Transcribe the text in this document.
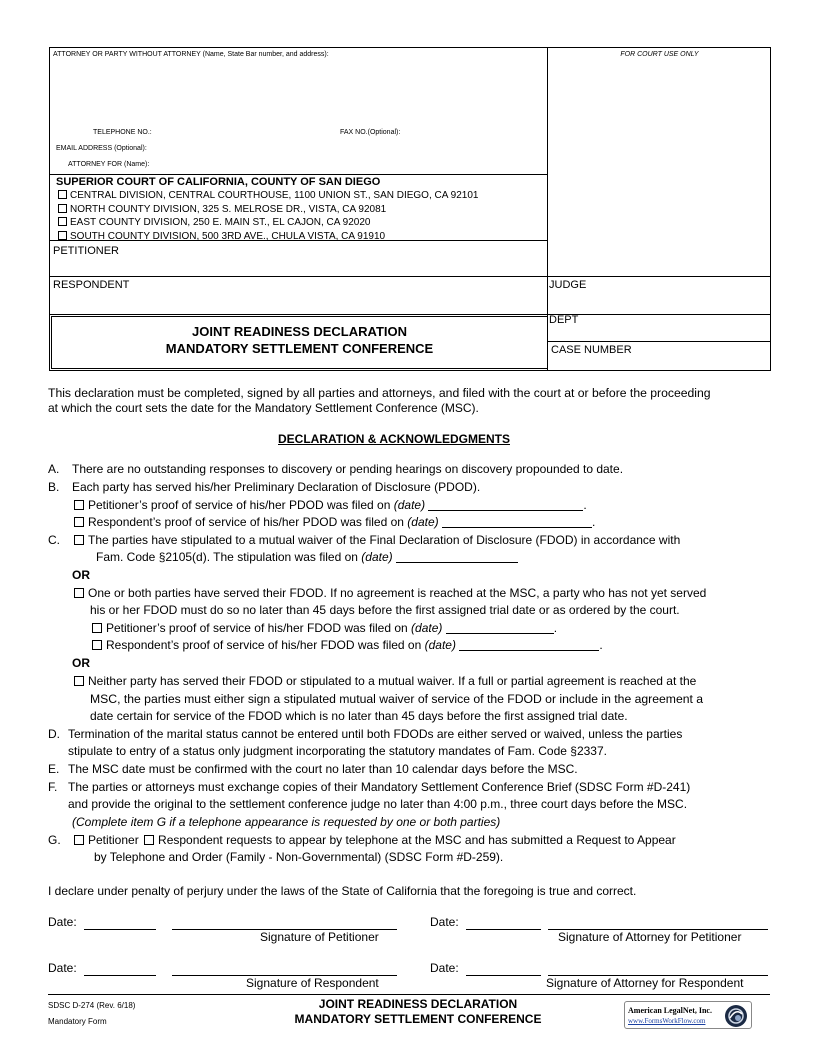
ATTORNEY OR PARTY WITHOUT ATTORNEY (Name, State Bar number, and address):	FOR COURT USE ONLY
TELEPHONE NO.:	FAX NO.(Optional):
EMAIL ADDRESS (Optional):
ATTORNEY FOR (Name):
SUPERIOR COURT OF CALIFORNIA, COUNTY OF SAN DIEGO
CENTRAL DIVISION, CENTRAL COURTHOUSE, 1100 UNION ST., SAN DIEGO, CA 92101
NORTH COUNTY DIVISION, 325 S. MELROSE DR., VISTA, CA 92081
EAST COUNTY DIVISION, 250 E. MAIN ST., EL CAJON, CA 92020
SOUTH COUNTY DIVISION, 500 3RD AVE., CHULA VISTA, CA 91910
PETITIONER
RESPONDENT	JUDGE
DEPT
CASE NUMBER
JOINT READINESS DECLARATION
MANDATORY SETTLEMENT CONFERENCE
This declaration must be completed, signed by all parties and attorneys, and filed with the court at or before the proceeding
at which the court sets the date for the Mandatory Settlement Conference (MSC).
DECLARATION & ACKNOWLEDGMENTS
A. There are no outstanding responses to discovery or pending hearings on discovery propounded to date.
B. Each party has served his/her Preliminary Declaration of Disclosure (PDOD).
Petitioner’s proof of service of his/her PDOD was filed on (date)	.
Respondent’s proof of service of his/her PDOD was filed on (date)	.
C.	The parties have stipulated to a mutual waiver of the Final Declaration of Disclosure (FDOD) in accordance with
Fam. Code §2105(d). The stipulation was filed on (date)
OR
One or both parties have served their FDOD. If no agreement is reached at the MSC, a party who has not yet served
his or her FDOD must do so no later than 45 days before the first assigned trial date or as ordered by the court.
Petitioner’s proof of service of his/her FDOD was filed on (date)	.
Respondent’s proof of service of his/her FDOD was filed on (date)	.
OR
Neither party has served their FDOD or stipulated to a mutual waiver. If a full or partial agreement is reached at the
MSC, the parties must either sign a stipulated mutual waiver of service of the FDOD or include in the agreement a
date certain for service of the FDOD which is no later than 45 days before the first assigned trial date.
D. Termination of the marital status cannot be entered until both FDODs are either served or waived, unless the parties
stipulate to entry of a status only judgment incorporating the statutory mandates of Fam. Code §2337.
E. The MSC date must be confirmed with the court no later than 10 calendar days before the MSC.
F. The parties or attorneys must exchange copies of their Mandatory Settlement Conference Brief (SDSC Form #D-241)
and provide the original to the settlement conference judge no later than 4:00 p.m., three court days before the MSC.
(Complete item G if a telephone appearance is requested by one or both parties)
G.	Petitioner Respondent requests to appear by telephone at the MSC and has submitted a Request to Appear
by Telephone and Order (Family - Non-Governmental) (SDSC Form #D-259).
I declare under penalty of perjury under the laws of the State of California that the foregoing is true and correct.
Date:
Signature of Petitioner
Date:
Signature of Attorney for Petitioner
Date:
Signature of Respondent
Date:
Signature of Attorney for Respondent
SDSC D-274 (Rev. 6/18)
Mandatory Form
JOINT READINESS DECLARATION
MANDATORY SETTLEMENT CONFERENCE
American LegalNet, Inc.
www.FormsWorkFlow.com
